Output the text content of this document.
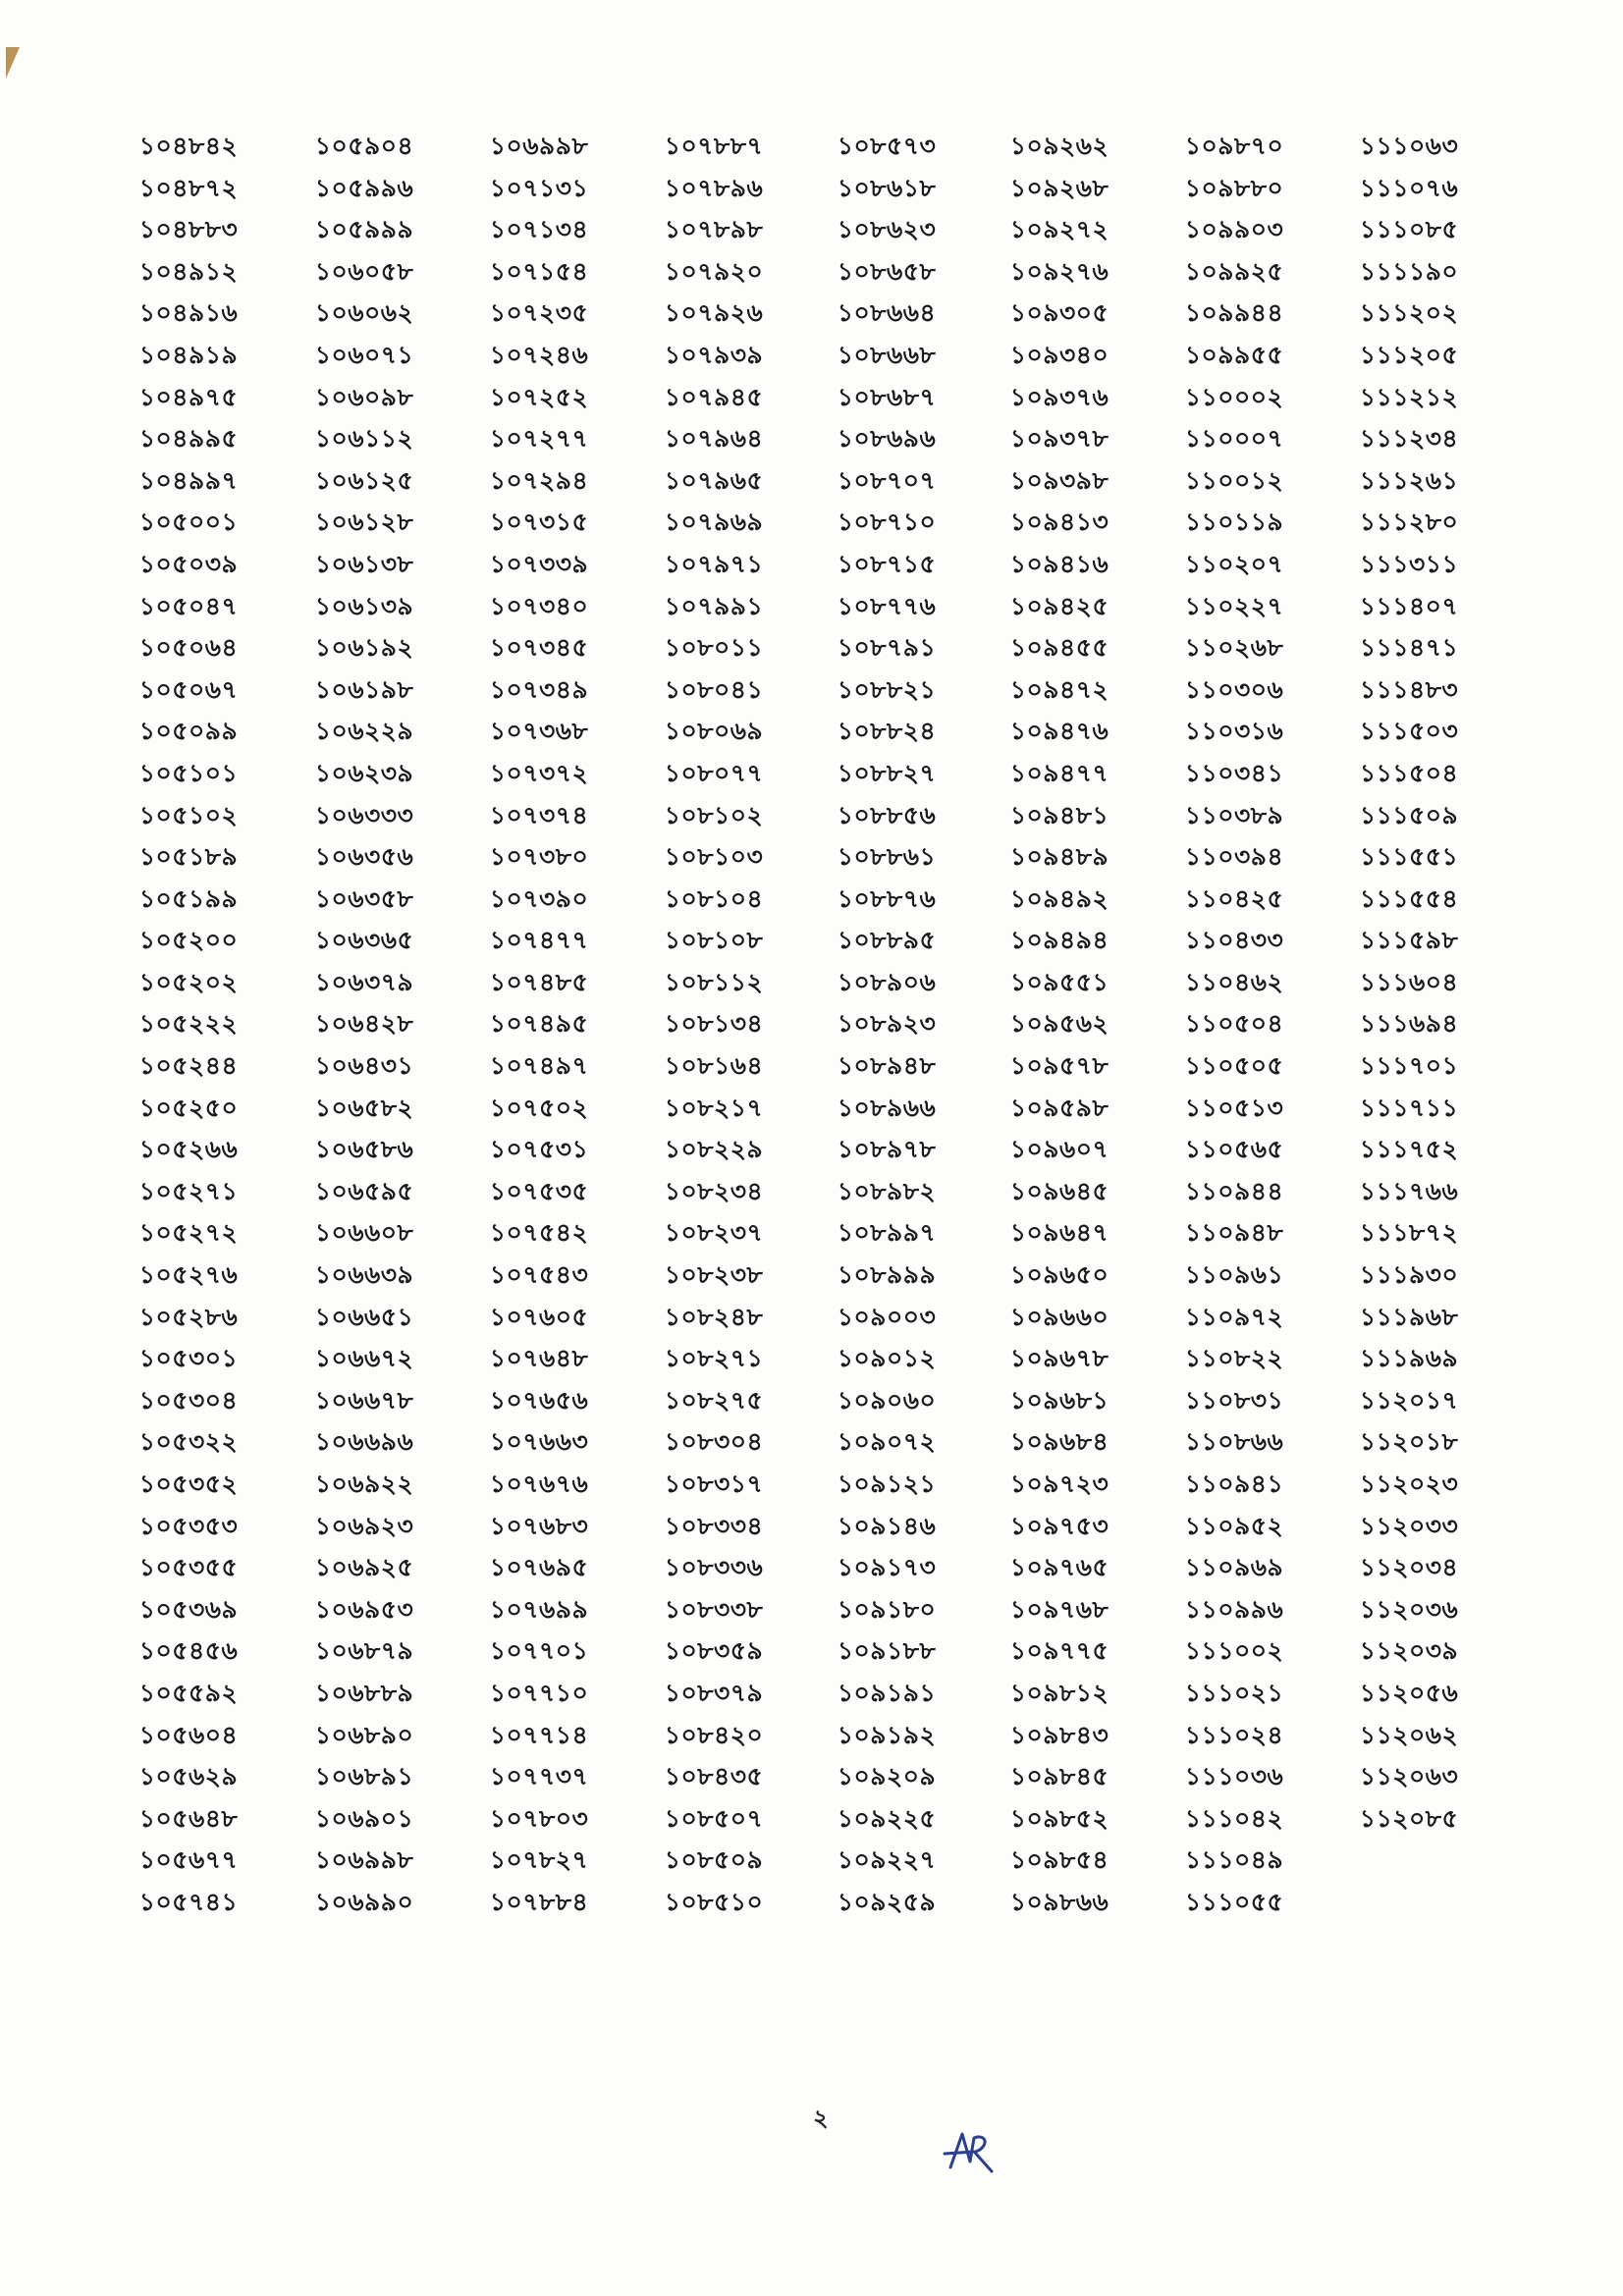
১০৪৮৪২
১০৪৮৭২
১০৪৮৮৩
১০৪৯১২
১০৪৯১৬
১০৪৯১৯
১০৪৯৭৫
১০৪৯৯৫
১০৪৯৯৭
১০৫০০১
১০৫০৩৯
১০৫০৪৭
১০৫০৬৪
১০৫০৬৭
১০৫০৯৯
১০৫১০১
১০৫১০২
১০৫১৮৯
১০৫১৯৯
১০৫২০০
১০৫২০২
১০৫২২২
১০৫২৪৪
১০৫২৫০
১০৫২৬৬
১০৫২৭১
১০৫২৭২
১০৫২৭৬
১০৫২৮৬
১০৫৩০১
১০৫৩০৪
১০৫৩২২
১০৫৩৫২
১০৫৩৫৩
১০৫৩৫৫
১০৫৩৬৯
১০৫৪৫৬
১০৫৫৯২
১০৫৬০৪
১০৫৬২৯
১০৫৬৪৮
১০৫৬৭৭
১০৫৭৪১
১০৫৯০৪
১০৫৯৯৬
১০৫৯৯৯
১০৬০৫৮
১০৬০৬২
১০৬০৭১
১০৬০৯৮
১০৬১১২
১০৬১২৫
১০৬১২৮
১০৬১৩৮
১০৬১৩৯
১০৬১৯২
১০৬১৯৮
১০৬২২৯
১০৬২৩৯
১০৬৩৩৩
১০৬৩৫৬
১০৬৩৫৮
১০৬৩৬৫
১০৬৩৭৯
১০৬৪২৮
১০৬৪৩১
১০৬৫৮২
১০৬৫৮৬
১০৬৫৯৫
১০৬৬০৮
১০৬৬৩৯
১০৬৬৫১
১০৬৬৭২
১০৬৬৭৮
১০৬৬৯৬
১০৬৯২২
১০৬৯২৩
১০৬৯২৫
১০৬৯৫৩
১০৬৮৭৯
১০৬৮৮৯
১০৬৮৯০
১০৬৮৯১
১০৬৯০১
১০৬৯৯৮
১০৬৯৯০
১০৬৯৯৮
১০৭১৩১
১০৭১৩৪
১০৭১৫৪
১০৭২৩৫
১০৭২৪৬
১০৭২৫২
১০৭২৭৭
১০৭২৯৪
১০৭৩১৫
১০৭৩৩৯
১০৭৩৪০
১০৭৩৪৫
১০৭৩৪৯
১০৭৩৬৮
১০৭৩৭২
১০৭৩৭৪
১০৭৩৮০
১০৭৩৯০
১০৭৪৭৭
১০৭৪৮৫
১০৭৪৯৫
১০৭৪৯৭
১০৭৫০২
১০৭৫৩১
১০৭৫৩৫
১০৭৫৪২
১০৭৫৪৩
১০৭৬০৫
১০৭৬৪৮
১০৭৬৫৬
১০৭৬৬৩
১০৭৬৭৬
১০৭৬৮৩
১০৭৬৯৫
১০৭৬৯৯
১০৭৭০১
১০৭৭১০
১০৭৭১৪
১০৭৭৩৭
১০৭৮০৩
১০৭৮২৭
১০৭৮৮৪
১০৭৮৮৭
১০৭৮৯৬
১০৭৮৯৮
১০৭৯২০
১০৭৯২৬
১০৭৯৩৯
১০৭৯৪৫
১০৭৯৬৪
১০৭৯৬৫
১০৭৯৬৯
১০৭৯৭১
১০৭৯৯১
১০৮০১১
১০৮০৪১
১০৮০৬৯
১০৮০৭৭
১০৮১০২
১০৮১০৩
১০৮১০৪
১০৮১০৮
১০৮১১২
১০৮১৩৪
১০৮১৬৪
১০৮২১৭
১০৮২২৯
১০৮২৩৪
১০৮২৩৭
১০৮২৩৮
১০৮২৪৮
১০৮২৭১
১০৮২৭৫
১০৮৩০৪
১০৮৩১৭
১০৮৩৩৪
১০৮৩৩৬
১০৮৩৩৮
১০৮৩৫৯
১০৮৩৭৯
১০৮৪২০
১০৮৪৩৫
১০৮৫০৭
১০৮৫০৯
১০৮৫১০
১০৮৫৭৩
১০৮৬১৮
১০৮৬২৩
১০৮৬৫৮
১০৮৬৬৪
১০৮৬৬৮
১০৮৬৮৭
১০৮৬৯৬
১০৮৭০৭
১০৮৭১০
১০৮৭১৫
১০৮৭৭৬
১০৮৭৯১
১০৮৮২১
১০৮৮২৪
১০৮৮২৭
১০৮৮৫৬
১০৮৮৬১
১০৮৮৭৬
১০৮৮৯৫
১০৮৯০৬
১০৮৯২৩
১০৮৯৪৮
১০৮৯৬৬
১০৮৯৭৮
১০৮৯৮২
১০৮৯৯৭
১০৮৯৯৯
১০৯০০৩
১০৯০১২
১০৯০৬০
১০৯০৭২
১০৯১২১
১০৯১৪৬
১০৯১৭৩
১০৯১৮০
১০৯১৮৮
১০৯১৯১
১০৯১৯২
১০৯২০৯
১০৯২২৫
১০৯২২৭
১০৯২৫৯
১০৯২৬২
১০৯২৬৮
১০৯২৭২
১০৯২৭৬
১০৯৩০৫
১০৯৩৪০
১০৯৩৭৬
১০৯৩৭৮
১০৯৩৯৮
১০৯৪১৩
১০৯৪১৬
১০৯৪২৫
১০৯৪৫৫
১০৯৪৭২
১০৯৪৭৬
১০৯৪৭৭
১০৯৪৮১
১০৯৪৮৯
১০৯৪৯২
১০৯৪৯৪
১০৯৫৫১
১০৯৫৬২
১০৯৫৭৮
১০৯৫৯৮
১০৯৬০৭
১০৯৬৪৫
১০৯৬৪৭
১০৯৬৫০
১০৯৬৬০
১০৯৬৭৮
১০৯৬৮১
১০৯৬৮৪
১০৯৭২৩
১০৯৭৫৩
১০৯৭৬৫
১০৯৭৬৮
১০৯৭৭৫
১০৯৮১২
১০৯৮৪৩
১০৯৮৪৫
১০৯৮৫২
১০৯৮৫৪
১০৯৮৬৬
১০৯৮৭০
১০৯৮৮০
১০৯৯০৩
১০৯৯২৫
১০৯৯৪৪
১০৯৯৫৫
১১০০০২
১১০০০৭
১১০০১২
১১০১১৯
১১০২০৭
১১০২২৭
১১০২৬৮
১১০৩০৬
১১০৩১৬
১১০৩৪১
১১০৩৮৯
১১০৩৯৪
১১০৪২৫
১১০৪৩৩
১১০৪৬২
১১০৫০৪
১১০৫০৫
১১০৫১৩
১১০৫৬৫
১১০৯৪৪
১১০৯৪৮
১১০৯৬১
১১০৯৭২
১১০৮২২
১১০৮৩১
১১০৮৬৬
১১০৯৪১
১১০৯৫২
১১০৯৬৯
১১০৯৯৬
১১১০০২
১১১০২১
১১১০২৪
১১১০৩৬
১১১০৪২
১১১০৪৯
১১১০৫৫
১১১০৬৩
১১১০৭৬
১১১০৮৫
১১১১৯০
১১১২০২
১১১২০৫
১১১২১২
১১১২৩৪
১১১২৬১
১১১২৮০
১১১৩১১
১১১৪০৭
১১১৪৭১
১১১৪৮৩
১১১৫০৩
১১১৫০৪
১১১৫০৯
১১১৫৫১
১১১৫৫৪
১১১৫৯৮
১১১৬০৪
১১১৬৯৪
১১১৭০১
১১১৭১১
১১১৭৫২
১১১৭৬৬
১১১৮৭২
১১১৯৩০
১১১৯৬৮
১১১৯৬৯
১১২০১৭
১১২০১৮
১১২০২৩
১১২০৩৩
১১২০৩৪
১১২০৩৬
১১২০৩৯
১১২০৫৬
১১২০৬২
১১২০৬৩
১১২০৮৫
২
